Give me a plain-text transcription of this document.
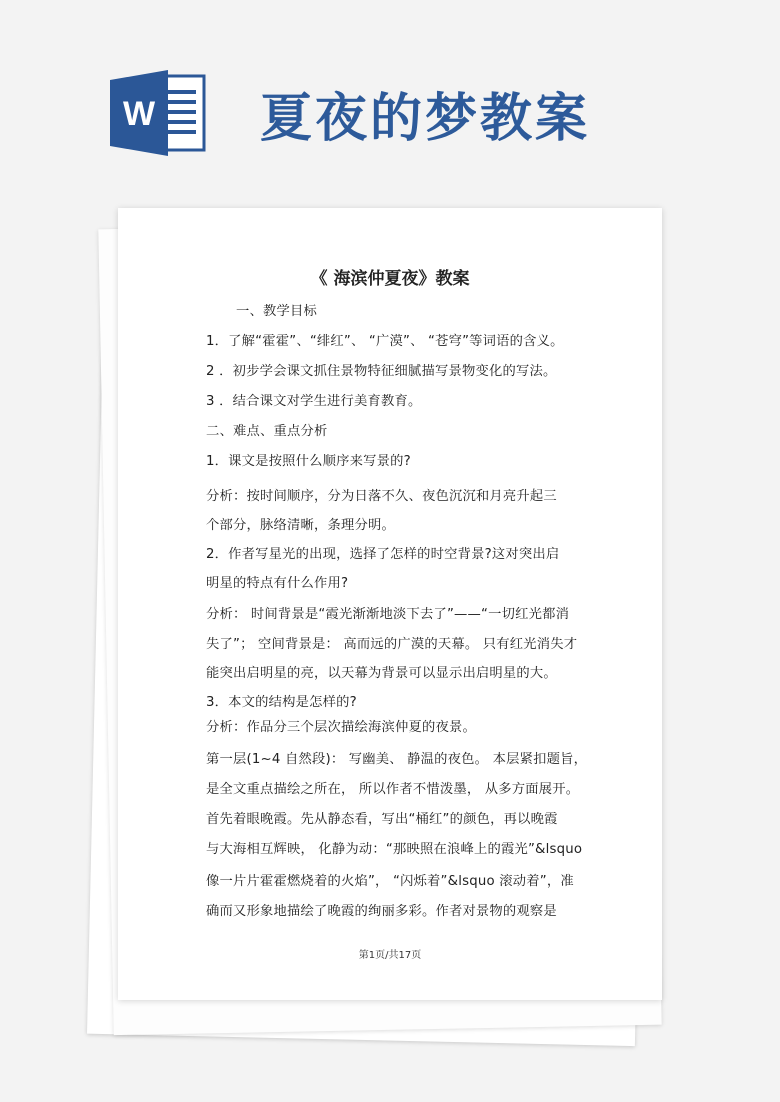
W 夏夜的梦教案
《 海滨仲夏夜》教案
一、教学目标
1．了解“霍霍”、“绯红”、 “广漠”、 “苍穹”等词语的含义。
2 ．初步学会课文抓住景物特征细腻描写景物变化的写法。
3 ．结合课文对学生进行美育教育。
二、难点、重点分析
1．课文是按照什么顺序来写景的?
分析：按时间顺序，分为日落不久、夜色沉沉和月亮升起三
个部分，脉络清晰，条理分明。
2．作者写星光的出现，选择了怎样的时空背景?这对突出启
明星的特点有什么作用?
分析： 时间背景是“霞光渐渐地淡下去了”——“一切红光都消
失了”； 空间背景是： 高而远的广漠的天幕。 只有红光消失才
能突出启明星的亮，以天幕为背景可以显示出启明星的大。
3．本文的结构是怎样的?
分析：作品分三个层次描绘海滨仲夏的夜景。
第一层(1~4 自然段)： 写幽美、 静温的夜色。 本层紧扣题旨，
是全文重点描绘之所在， 所以作者不惜泼墨， 从多方面展开。
首先着眼晚霞。先从静态看，写出“桶红”的颜色，再以晚霞
与大海相互辉映， 化静为动：“那映照在浪峰上的霞光”&lsquo
像一片片霍霍燃烧着的火焰”， “闪烁着”&lsquo 滚动着”，准
确而又形象地描绘了晚霞的绚丽多彩。作者对景物的观察是
第1页/共17页
